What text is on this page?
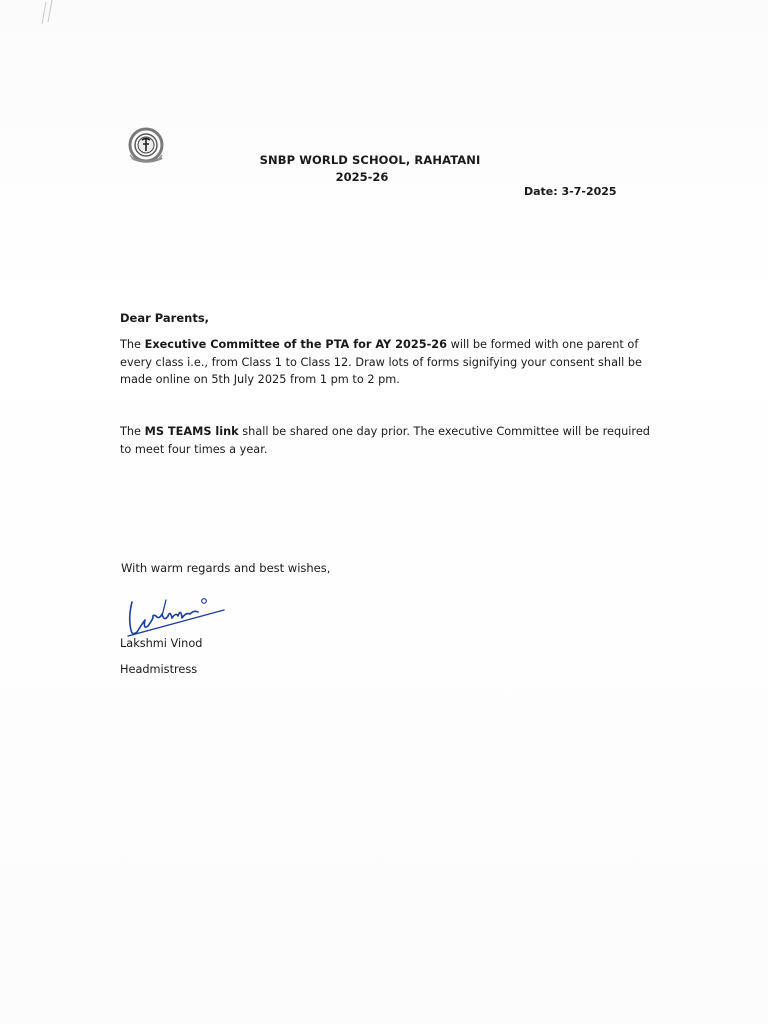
SNBP WORLD SCHOOL, RAHATANI
2025-26
Date: 3-7-2025
Dear Parents,
The Executive Committee of the PTA for AY 2025-26 will be formed with one parent of every class i.e., from Class 1 to Class 12. Draw lots of forms signifying your consent shall be made online on 5th July 2025 from 1 pm to 2 pm.
The MS TEAMS link shall be shared one day prior. The executive Committee will be required to meet four times a year.
With warm regards and best wishes,
Lakshmi Vinod
Headmistress
